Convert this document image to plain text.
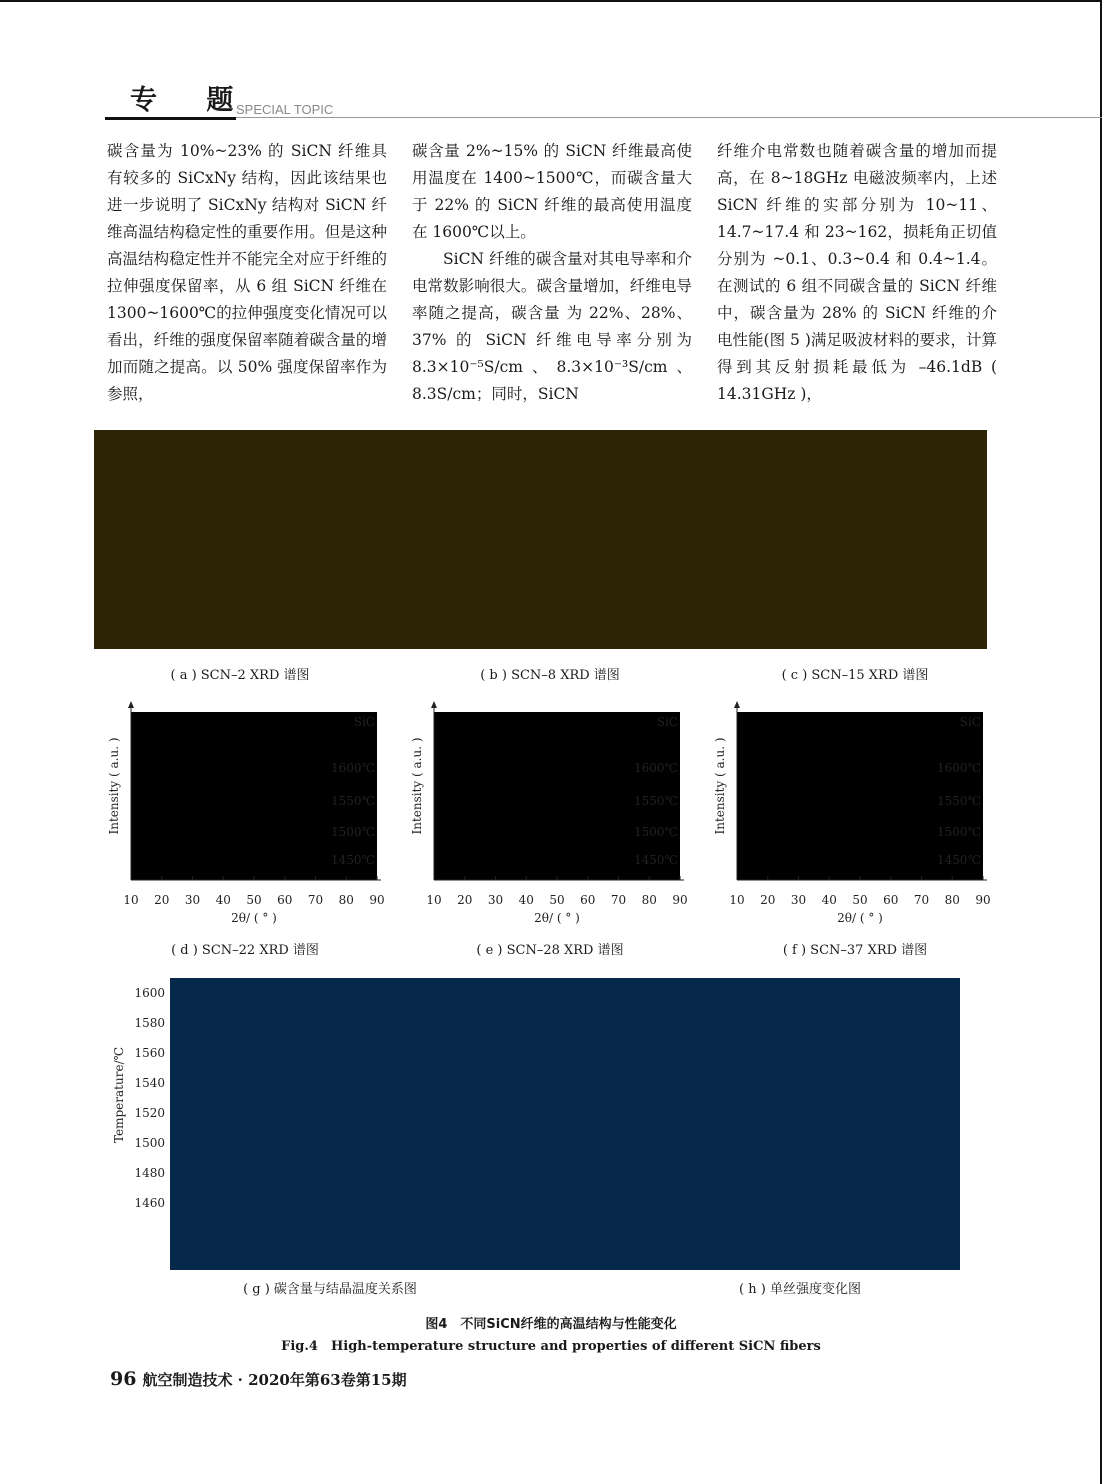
专 题
SPECIAL TOPIC

碳含量为 10%~23% 的 SiCN 纤维具有较多的 SiCxNy 结构，因此该结果也进一步说明了 SiCxNy 结构对 SiCN 纤维高温结构稳定性的重要作用。但是这种高温结构稳定性并不能完全对应于纤维的拉伸强度保留率，从 6 组 SiCN 纤维在 1300~1600℃的拉伸强度变化情况可以看出，纤维的强度保留率随着碳含量的增加而随之提高。以 50% 强度保留率作为参照，

碳含量 2%~15% 的 SiCN 纤维最高使用温度在 1400~1500℃，而碳含量大于 22% 的 SiCN 纤维的最高使用温度在 1600℃以上。

SiCN 纤维的碳含量对其电导率和介电常数影响很大。碳含量增加，纤维电导率随之提高，碳含量 为 22%、28%、37% 的 SiCN 纤维电导率分别为 8.3×10⁻⁵S/cm、8.3×10⁻³S/cm、8.3S/cm；同时，SiCN

纤维介电常数也随着碳含量的增加而提高，在 8~18GHz 电磁波频率内，上述 SiCN 纤维的实部分别为 10~11、14.7~17.4 和 23~162，损耗角正切值分别为 ~0.1、0.3~0.4 和 0.4~1.4。在测试的 6 组不同碳含量的 SiCN 纤维中，碳含量为 28% 的 SiCN 纤维的介电性能(图 5 )满足吸波材料的要求，计算得到其反射损耗最低为 –46.1dB ( 14.31GHz )，

10 20 30 40 50 60 70 80 90
2θ/ ( ° )
Intensity ( a.u. )
SiC
1600℃
1550℃
1500℃
1450℃
10 20 30 40 50 60 70 80 90
2θ/ ( ° )
Intensity ( a.u. )
SiC
1600℃
1550℃
1500℃
1450℃
10 20 30 40 50 60 70 80 90
2θ/ ( ° )
Intensity ( a.u. )
SiC
1600℃
1550℃
1500℃
1450℃
1600
1580
1560
1540
1520
1500
1480
1460
Temperature/℃
( a ) SCN–2 XRD 谱图	( b ) SCN–8 XRD 谱图	( c ) SCN–15 XRD 谱图
( d ) SCN–22 XRD 谱图	( e ) SCN–28 XRD 谱图	( f ) SCN–37 XRD 谱图
( g ) 碳含量与结晶温度关系图	( h ) 单丝强度变化图
图4　不同SiCN纤维的高温结构与性能变化
Fig.4　High-temperature structure and properties of different SiCN fibers
96 航空制造技术 · 2020年第63卷第15期
